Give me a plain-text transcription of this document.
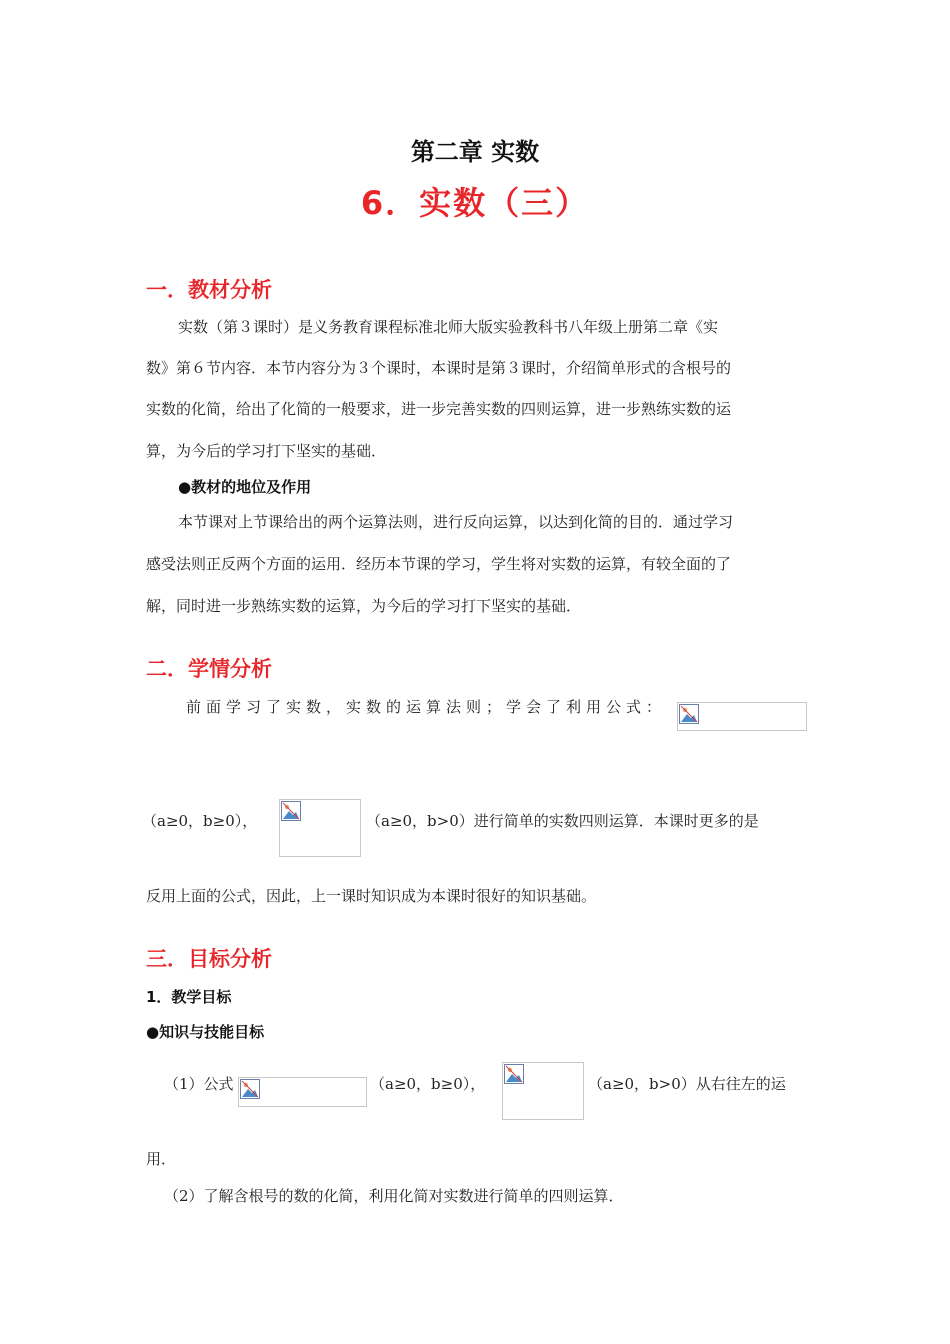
第二章 实数
6．实数（三）
一．教材分析
实数（第３课时）是义务教育课程标准北师大版实验教科书八年级上册第二章《实
数》第６节内容．本节内容分为３个课时，本课时是第３课时，介绍简单形式的含根号的
实数的化简，给出了化简的一般要求，进一步完善实数的四则运算，进一步熟练实数的运
算，为今后的学习打下坚实的基础．
●教材的地位及作用
本节课对上节课给出的两个运算法则，进行反向运算，以达到化简的目的．通过学习
感受法则正反两个方面的运用．经历本节课的学习，学生将对实数的运算，有较全面的了
解，同时进一步熟练实数的运算，为今后的学习打下坚实的基础．
二．学情分析
前面学习了实数，实数的运算法则；学会了利用公式：
（a≥0，b≥0），	（a≥0，b>0）进行简单的实数四则运算．本课时更多的是
反用上面的公式，因此，上一课时知识成为本课时很好的知识基础。
三．目标分析
1．教学目标
●知识与技能目标
（1）公式	（a≥0，b≥0），	（a≥0，b>0）从右往左的运
用．
（2）了解含根号的数的化简，利用化简对实数进行简单的四则运算．
